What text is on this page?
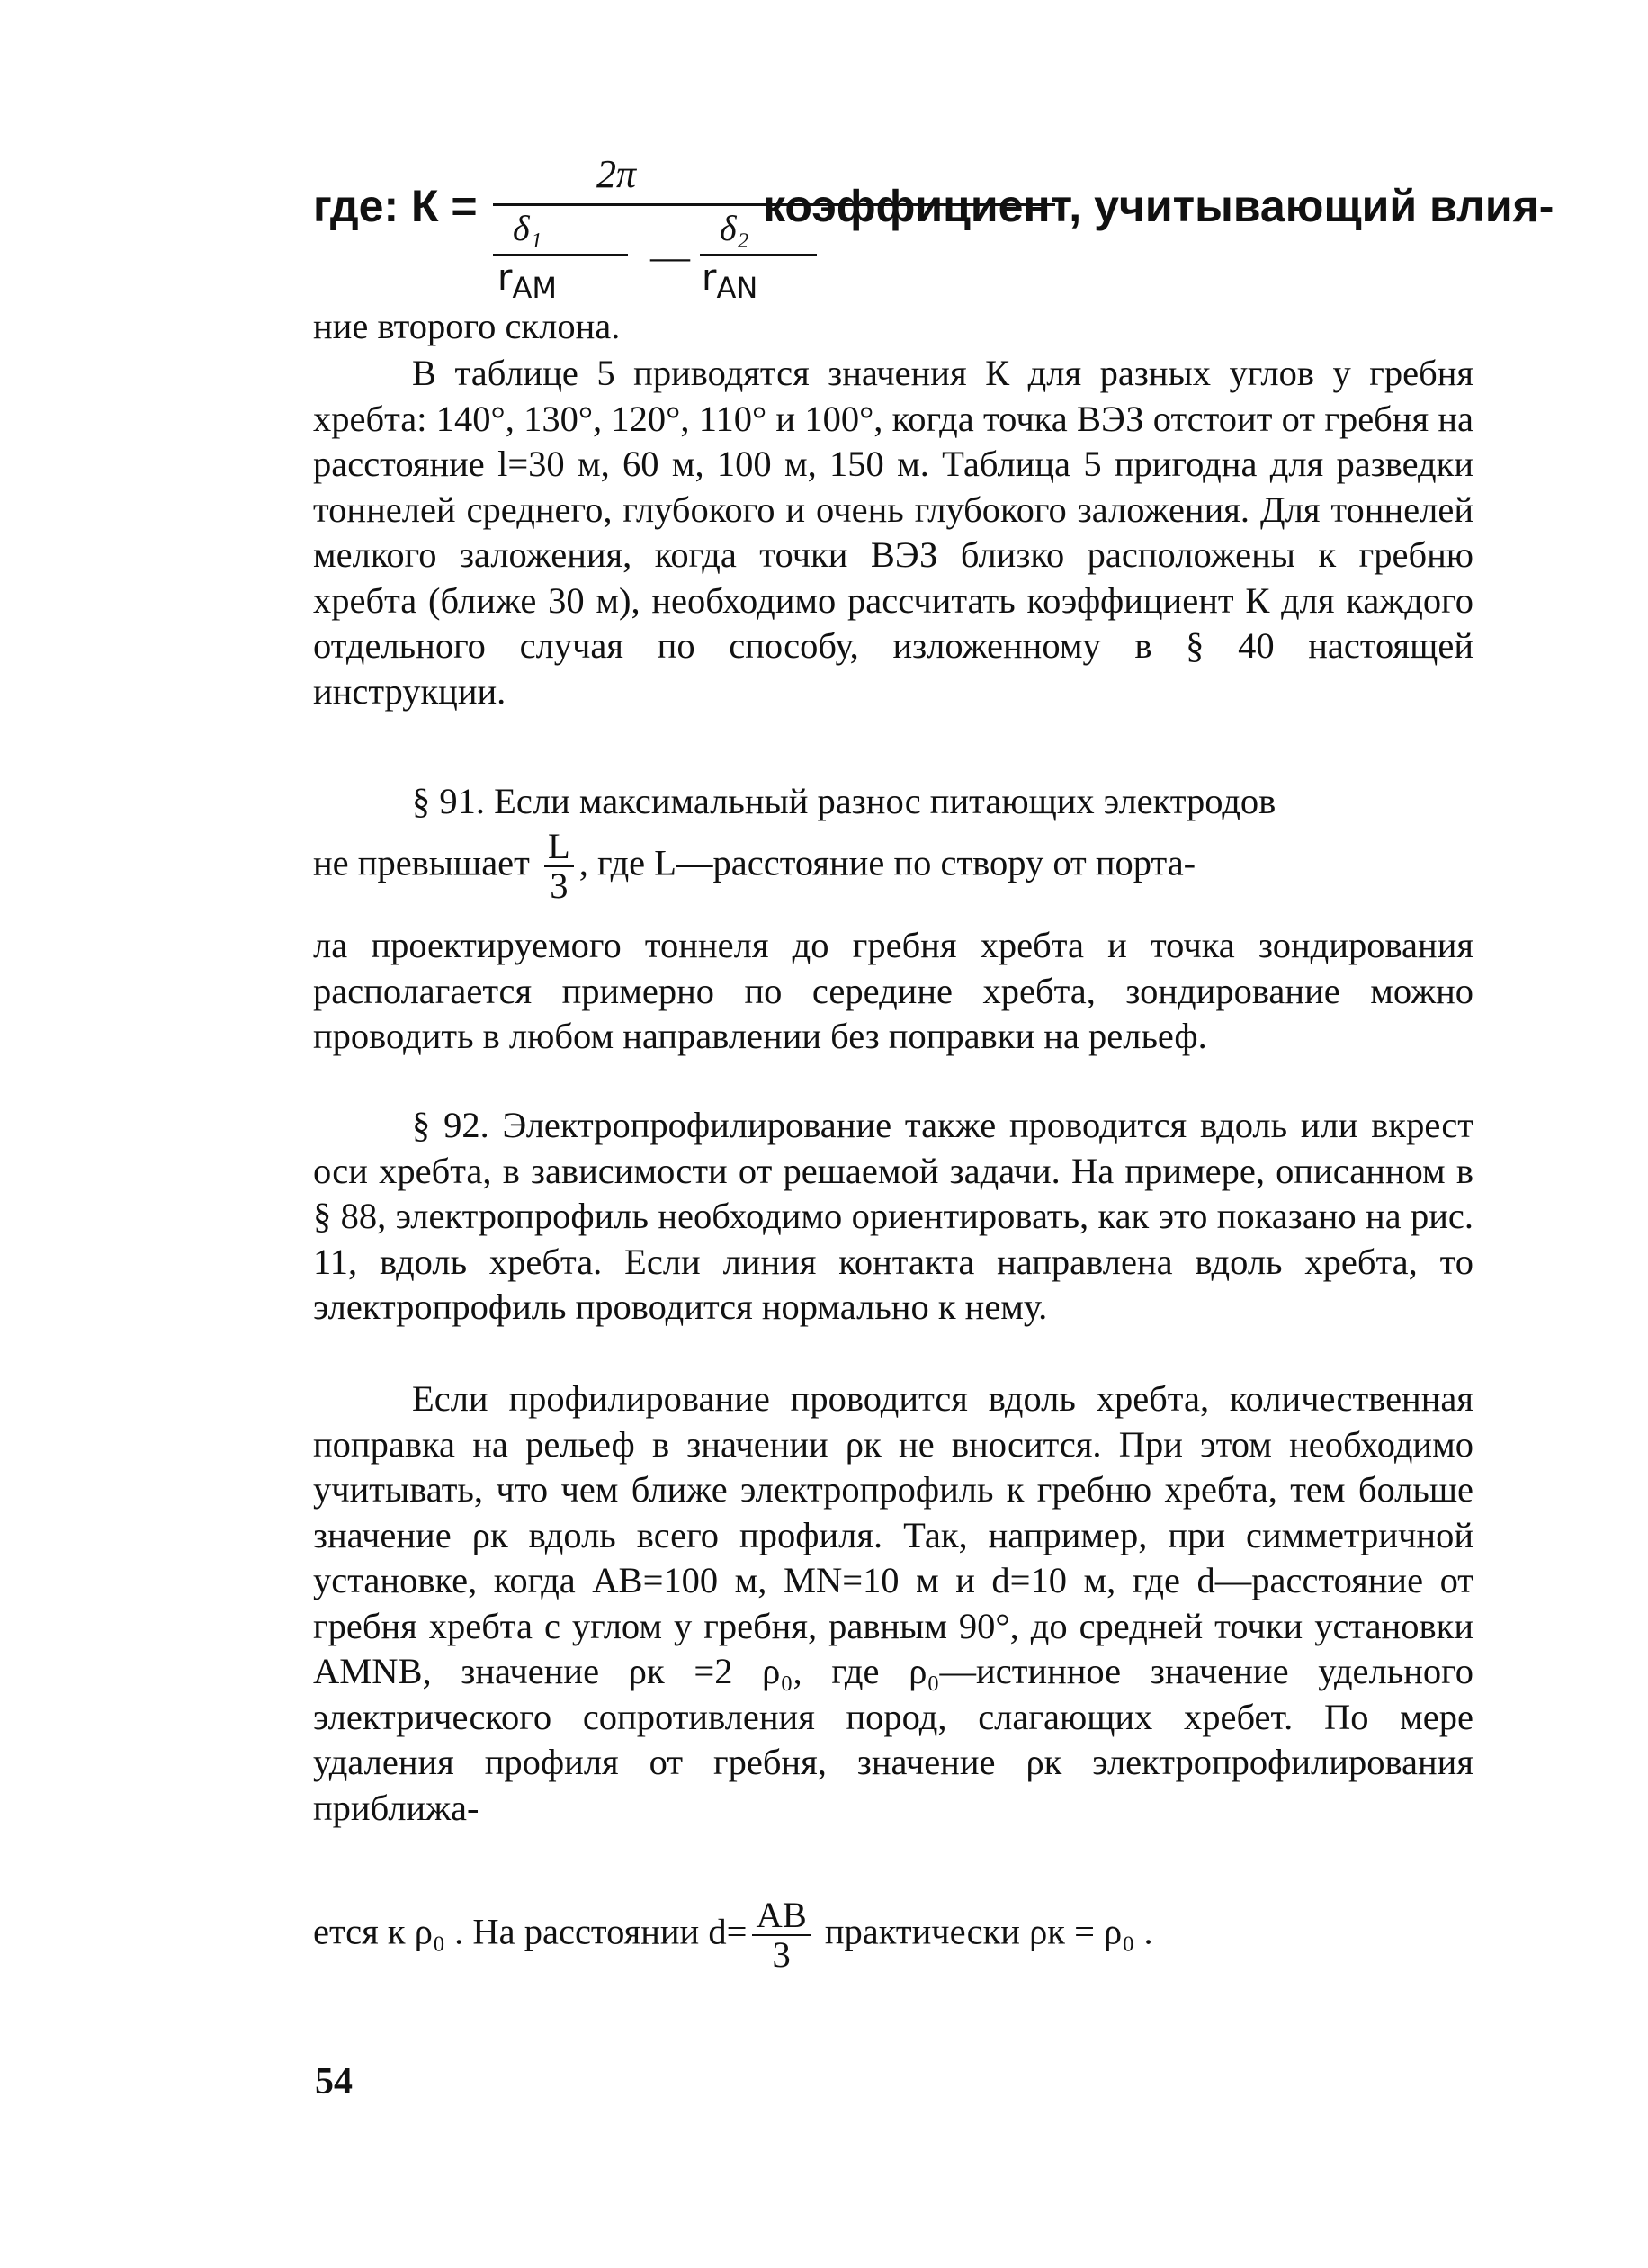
где: К =
2π
δ₁	δ₂
—
$r_{AM}$	$r_{AN}$
коэффициент, учитывающий влия-
ние второго склона.
В таблице 5 приводятся значения К для разных углов у гребня хребта: 140°, 130°, 120°, 110° и 100°, когда точка ВЭЗ отстоит от гребня на расстояние l=30 м, 60 м, 100 м, 150 м. Таблица 5 пригодна для разведки тоннелей среднего, глубокого и очень глубокого заложения. Для тоннелей мелкого заложения, когда точки ВЭЗ близко расположены к гребню хребта (ближе 30 м), необходимо рассчитать коэффициент К для каждого отдельного случая по способу, изложенному в § 40 настоящей инструкции.
§ 91. Если максимальный разнос питающих электродов
не превышает $\frac{L}{3}$ , где L—расстояние по створу от порта-
ла проектируемого тоннеля до гребня хребта и точка зондирования располагается примерно по середине хребта, зондирование можно проводить в любом направлении без поправки на рельеф.
§ 92. Электропрофилирование также проводится вдоль или вкрест оси хребта, в зависимости от решаемой задачи. На примере, описанном в § 88, электропрофиль необходимо ориентировать, как это показано на рис. 11, вдоль хребта. Если линия контакта направлена вдоль хребта, то электропрофиль проводится нормально к нему.
Если профилирование проводится вдоль хребта, количественная поправка на рельеф в значении ρк не вносится. При этом необходимо учитывать, что чем ближе электропрофиль к гребню хребта, тем больше значение ρк вдоль всего профиля. Так, например, при симметричной установке, когда AB=100 м, MN=10 м и d=10 м, где d—расстояние от гребня хребта с углом у гребня, равным 90°, до средней точки установки AMNB, значение ρк =2 ρ₀, где ρ₀—истинное значение удельного электрического сопротивления пород, слагающих хребет. По мере удаления профиля от гребня, значение ρк электропрофилирования приближа-
ется к ρ₀ . На расстоянии $d= \frac{AB}{3}$ практически ρк = ρ₀ .
54
